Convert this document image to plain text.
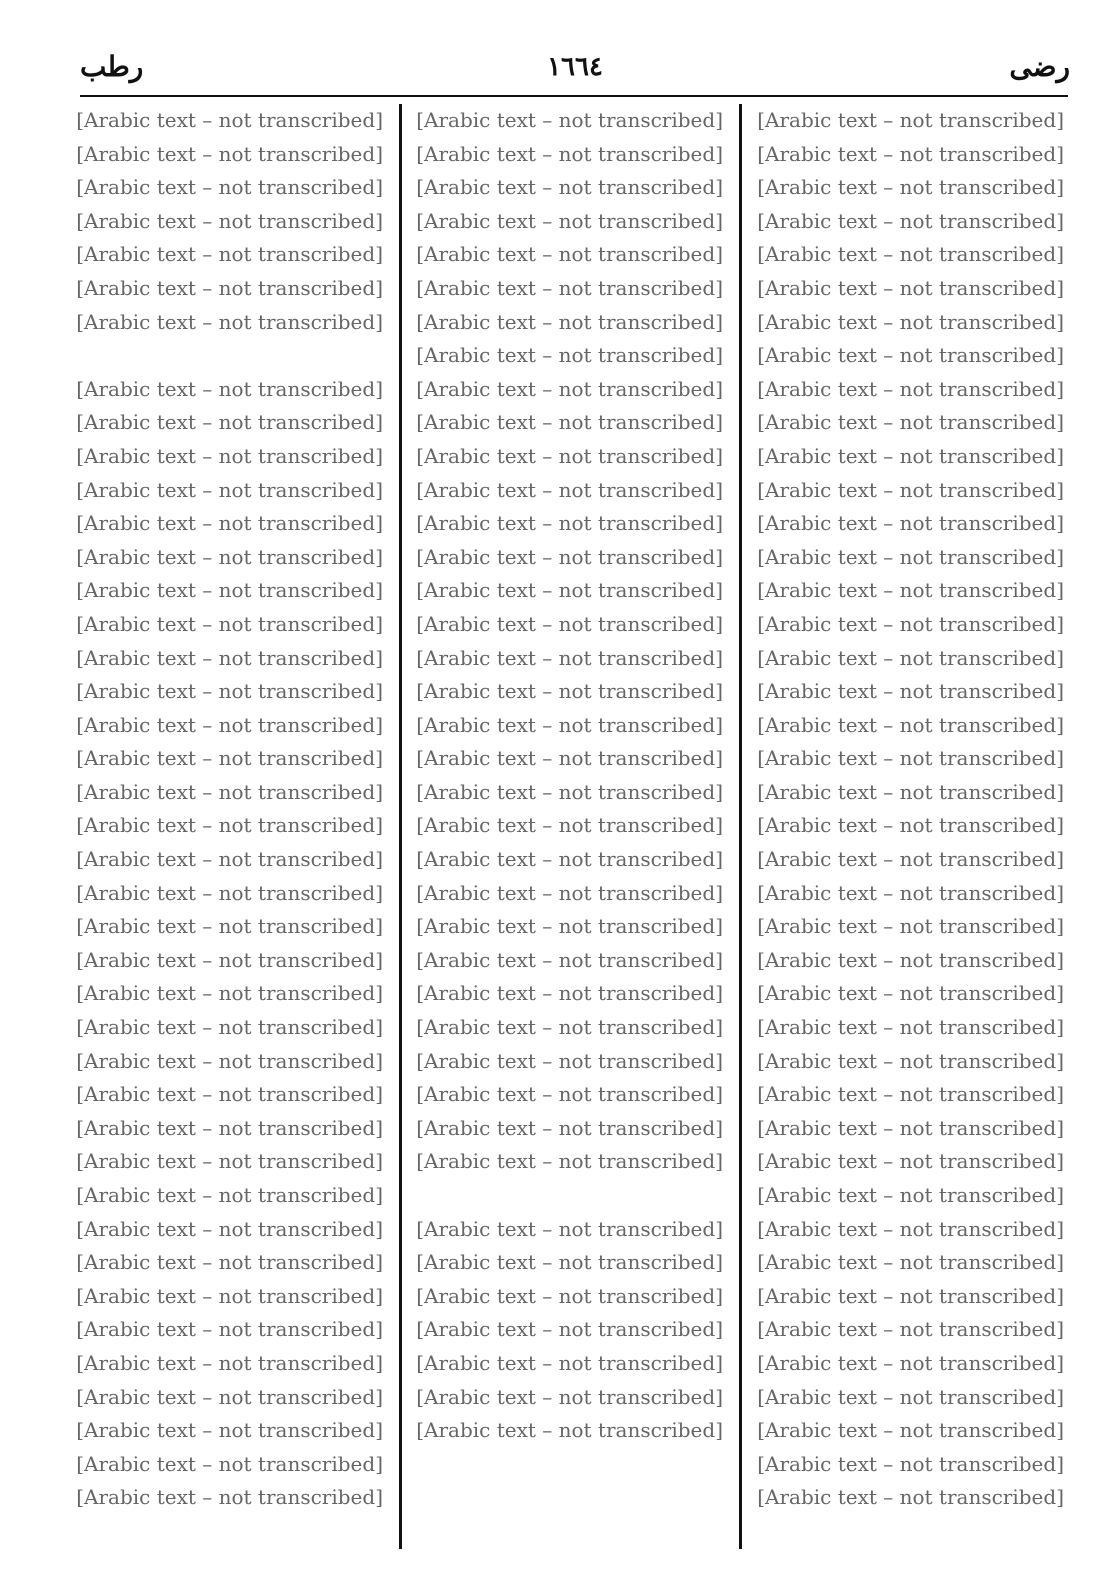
رضى
١٦٦٤
رطب
[Arabic text – not transcribed]
[Arabic text – not transcribed]
[Arabic text – not transcribed]
[Arabic text – not transcribed]
[Arabic text – not transcribed]
[Arabic text – not transcribed]
[Arabic text – not transcribed]
[Arabic text – not transcribed]
[Arabic text – not transcribed]
[Arabic text – not transcribed]
[Arabic text – not transcribed]
[Arabic text – not transcribed]
[Arabic text – not transcribed]
[Arabic text – not transcribed]
[Arabic text – not transcribed]
[Arabic text – not transcribed]
[Arabic text – not transcribed]
[Arabic text – not transcribed]
[Arabic text – not transcribed]
[Arabic text – not transcribed]
[Arabic text – not transcribed]
[Arabic text – not transcribed]
[Arabic text – not transcribed]
[Arabic text – not transcribed]
[Arabic text – not transcribed]
[Arabic text – not transcribed]
[Arabic text – not transcribed]
[Arabic text – not transcribed]
[Arabic text – not transcribed]
[Arabic text – not transcribed]
[Arabic text – not transcribed]
[Arabic text – not transcribed]
[Arabic text – not transcribed]
[Arabic text – not transcribed]
[Arabic text – not transcribed]
[Arabic text – not transcribed]
[Arabic text – not transcribed]
[Arabic text – not transcribed]
[Arabic text – not transcribed]
[Arabic text – not transcribed]
[Arabic text – not transcribed]
[Arabic text – not transcribed]
[Arabic text – not transcribed]
[Arabic text – not transcribed]
[Arabic text – not transcribed]
[Arabic text – not transcribed]
[Arabic text – not transcribed]
[Arabic text – not transcribed]
[Arabic text – not transcribed]
[Arabic text – not transcribed]
[Arabic text – not transcribed]
[Arabic text – not transcribed]
[Arabic text – not transcribed]
[Arabic text – not transcribed]
[Arabic text – not transcribed]
[Arabic text – not transcribed]
[Arabic text – not transcribed]
[Arabic text – not transcribed]
[Arabic text – not transcribed]
[Arabic text – not transcribed]
[Arabic text – not transcribed]
[Arabic text – not transcribed]
[Arabic text – not transcribed]
[Arabic text – not transcribed]
[Arabic text – not transcribed]
[Arabic text – not transcribed]
[Arabic text – not transcribed]
[Arabic text – not transcribed]
[Arabic text – not transcribed]
[Arabic text – not transcribed]
[Arabic text – not transcribed]
[Arabic text – not transcribed]
[Arabic text – not transcribed]
[Arabic text – not transcribed]
[Arabic text – not transcribed]
[Arabic text – not transcribed]
[Arabic text – not transcribed]
[Arabic text – not transcribed]
[Arabic text – not transcribed]
[Arabic text – not transcribed]
[Arabic text – not transcribed]
[Arabic text – not transcribed]
[Arabic text – not transcribed]
[Arabic text – not transcribed]
[Arabic text – not transcribed]
[Arabic text – not transcribed]
[Arabic text – not transcribed]
[Arabic text – not transcribed]
[Arabic text – not transcribed]
[Arabic text – not transcribed]
[Arabic text – not transcribed]
[Arabic text – not transcribed]
[Arabic text – not transcribed]
[Arabic text – not transcribed]
[Arabic text – not transcribed]
[Arabic text – not transcribed]
[Arabic text – not transcribed]
[Arabic text – not transcribed]
[Arabic text – not transcribed]
[Arabic text – not transcribed]
[Arabic text – not transcribed]
[Arabic text – not transcribed]
[Arabic text – not transcribed]
[Arabic text – not transcribed]
[Arabic text – not transcribed]
[Arabic text – not transcribed]
[Arabic text – not transcribed]
[Arabic text – not transcribed]
[Arabic text – not transcribed]
[Arabic text – not transcribed]
[Arabic text – not transcribed]
[Arabic text – not transcribed]
[Arabic text – not transcribed]
[Arabic text – not transcribed]
[Arabic text – not transcribed]
[Arabic text – not transcribed]
[Arabic text – not transcribed]
[Arabic text – not transcribed]
[Arabic text – not transcribed]
[Arabic text – not transcribed]
[Arabic text – not transcribed]
[Arabic text – not transcribed]
